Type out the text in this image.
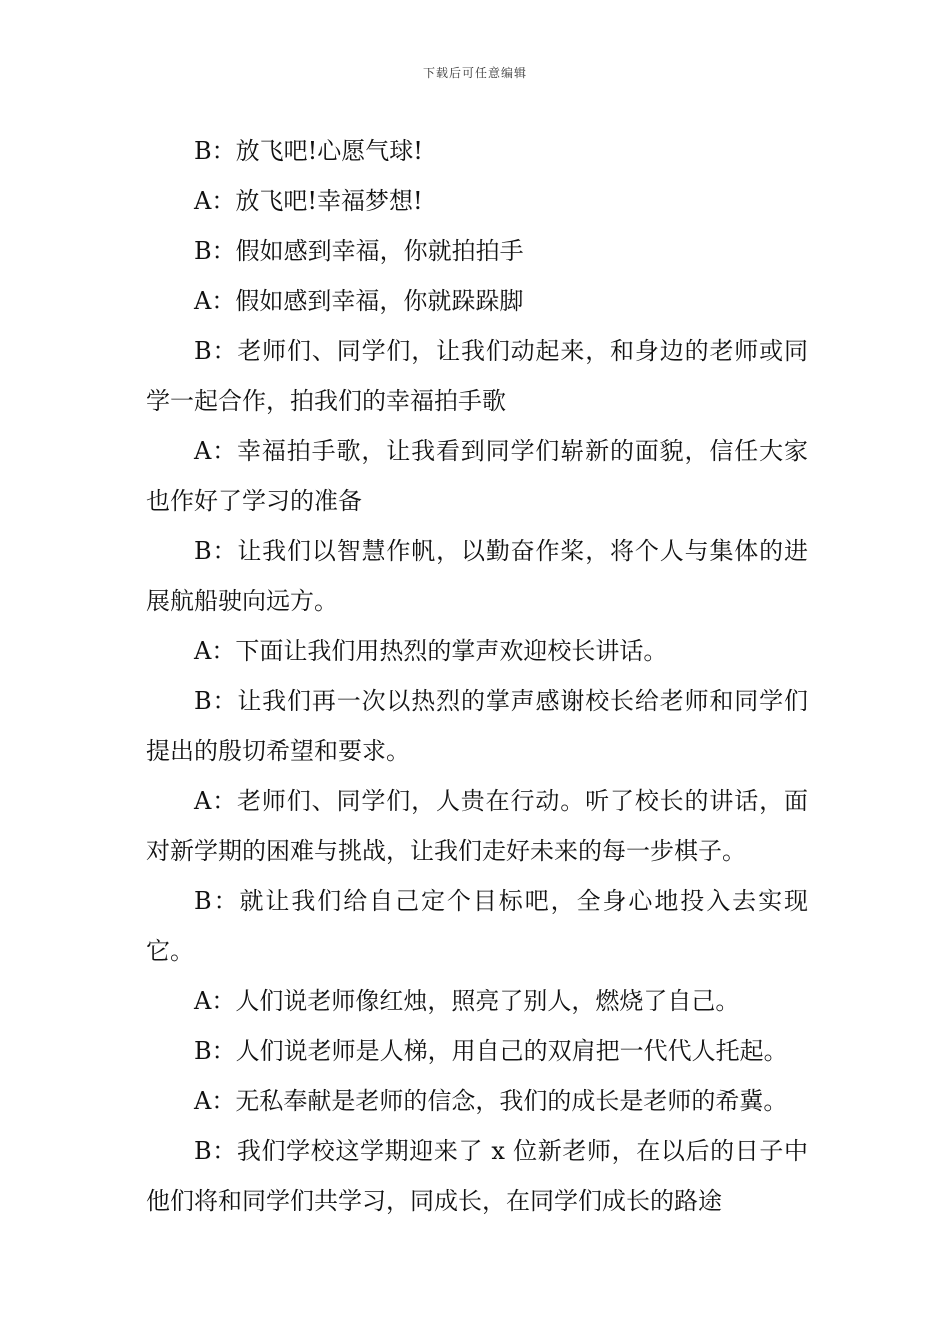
下载后可任意编辑

B：放飞吧!心愿气球!

A：放飞吧!幸福梦想!

B：假如感到幸福，你就拍拍手

A：假如感到幸福，你就跺跺脚

B：老师们、同学们，让我们动起来，和身边的老师或同学一起合作，拍我们的幸福拍手歌

A：幸福拍手歌，让我看到同学们崭新的面貌，信任大家也作好了学习的准备

B：让我们以智慧作帆，以勤奋作桨，将个人与集体的进展航船驶向远方。

A：下面让我们用热烈的掌声欢迎校长讲话。

B：让我们再一次以热烈的掌声感谢校长给老师和同学们提出的殷切希望和要求。

A：老师们、同学们，人贵在行动。听了校长的讲话，面对新学期的困难与挑战，让我们走好未来的每一步棋子。

B：就让我们给自己定个目标吧，全身心地投入去实现它。

A：人们说老师像红烛，照亮了别人，燃烧了自己。

B：人们说老师是人梯，用自己的双肩把一代代人托起。

A：无私奉献是老师的信念，我们的成长是老师的希冀。

B：我们学校这学期迎来了 x 位新老师，在以后的日子中他们将和同学们共学习，同成长，在同学们成长的路途
